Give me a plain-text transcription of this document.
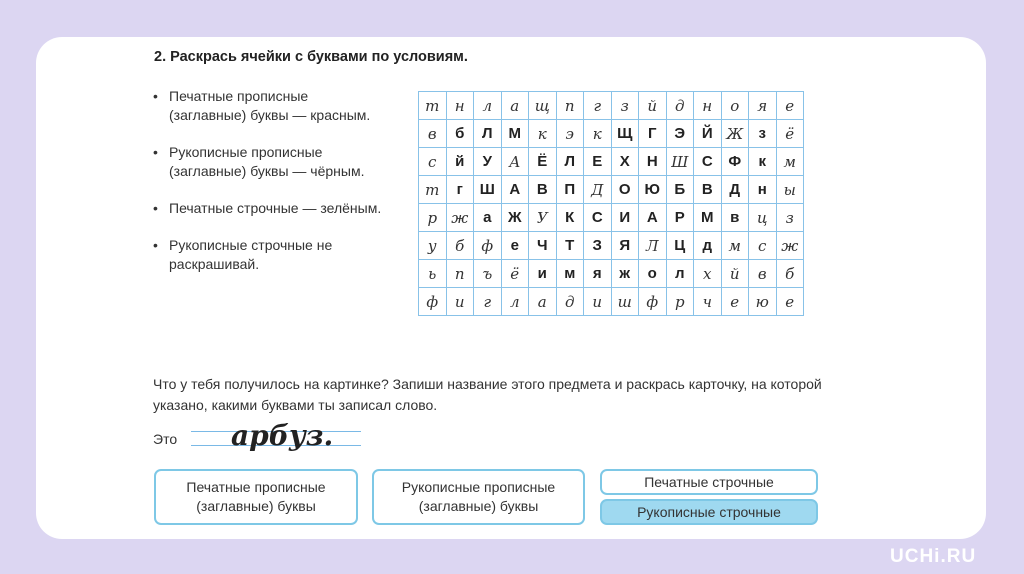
2. Раскрась ячейки с буквами по условиям.
• Печатные прописные (заглавные) буквы — красным.
• Рукописные прописные (заглавные) буквы — чёрным.
• Печатные строчные — зелёным.
• Рукописные строчные не раскрашивай.
т	н	л	а	щ	п	г	з	й	д	н	о	я	е
в	б	Л	М	к	э	к	Щ	Г	Э	Й	Ж	з	ё
с	й	У	А	Ё	Л	Е	Х	Н	Ш	С	Ф	к	м
т	г	Ш	А	В	П	Д	О	Ю	Б	В	Д	н	ы
р	ж	а	Ж	У	К	С	И	А	Р	М	в	ц	з
у	б	ф	е	Ч	Т	З	Я	Л	Ц	д	м	с	ж
ь	п	ъ	ё	и	м	я	ж	о	л	х	й	в	б
ф	и	г	л	а	д	и	ш	ф	р	ч	е	ю	е
Что у тебя получилось на картинке? Запиши название этого предмета и раскрась карточку, на которой указано, какими буквами ты записал слово.
Это арбуз.
Печатные прописные (заглавные) буквы
Рукописные прописные (заглавные) буквы
Печатные строчные
Рукописные строчные
UCHi.RU
